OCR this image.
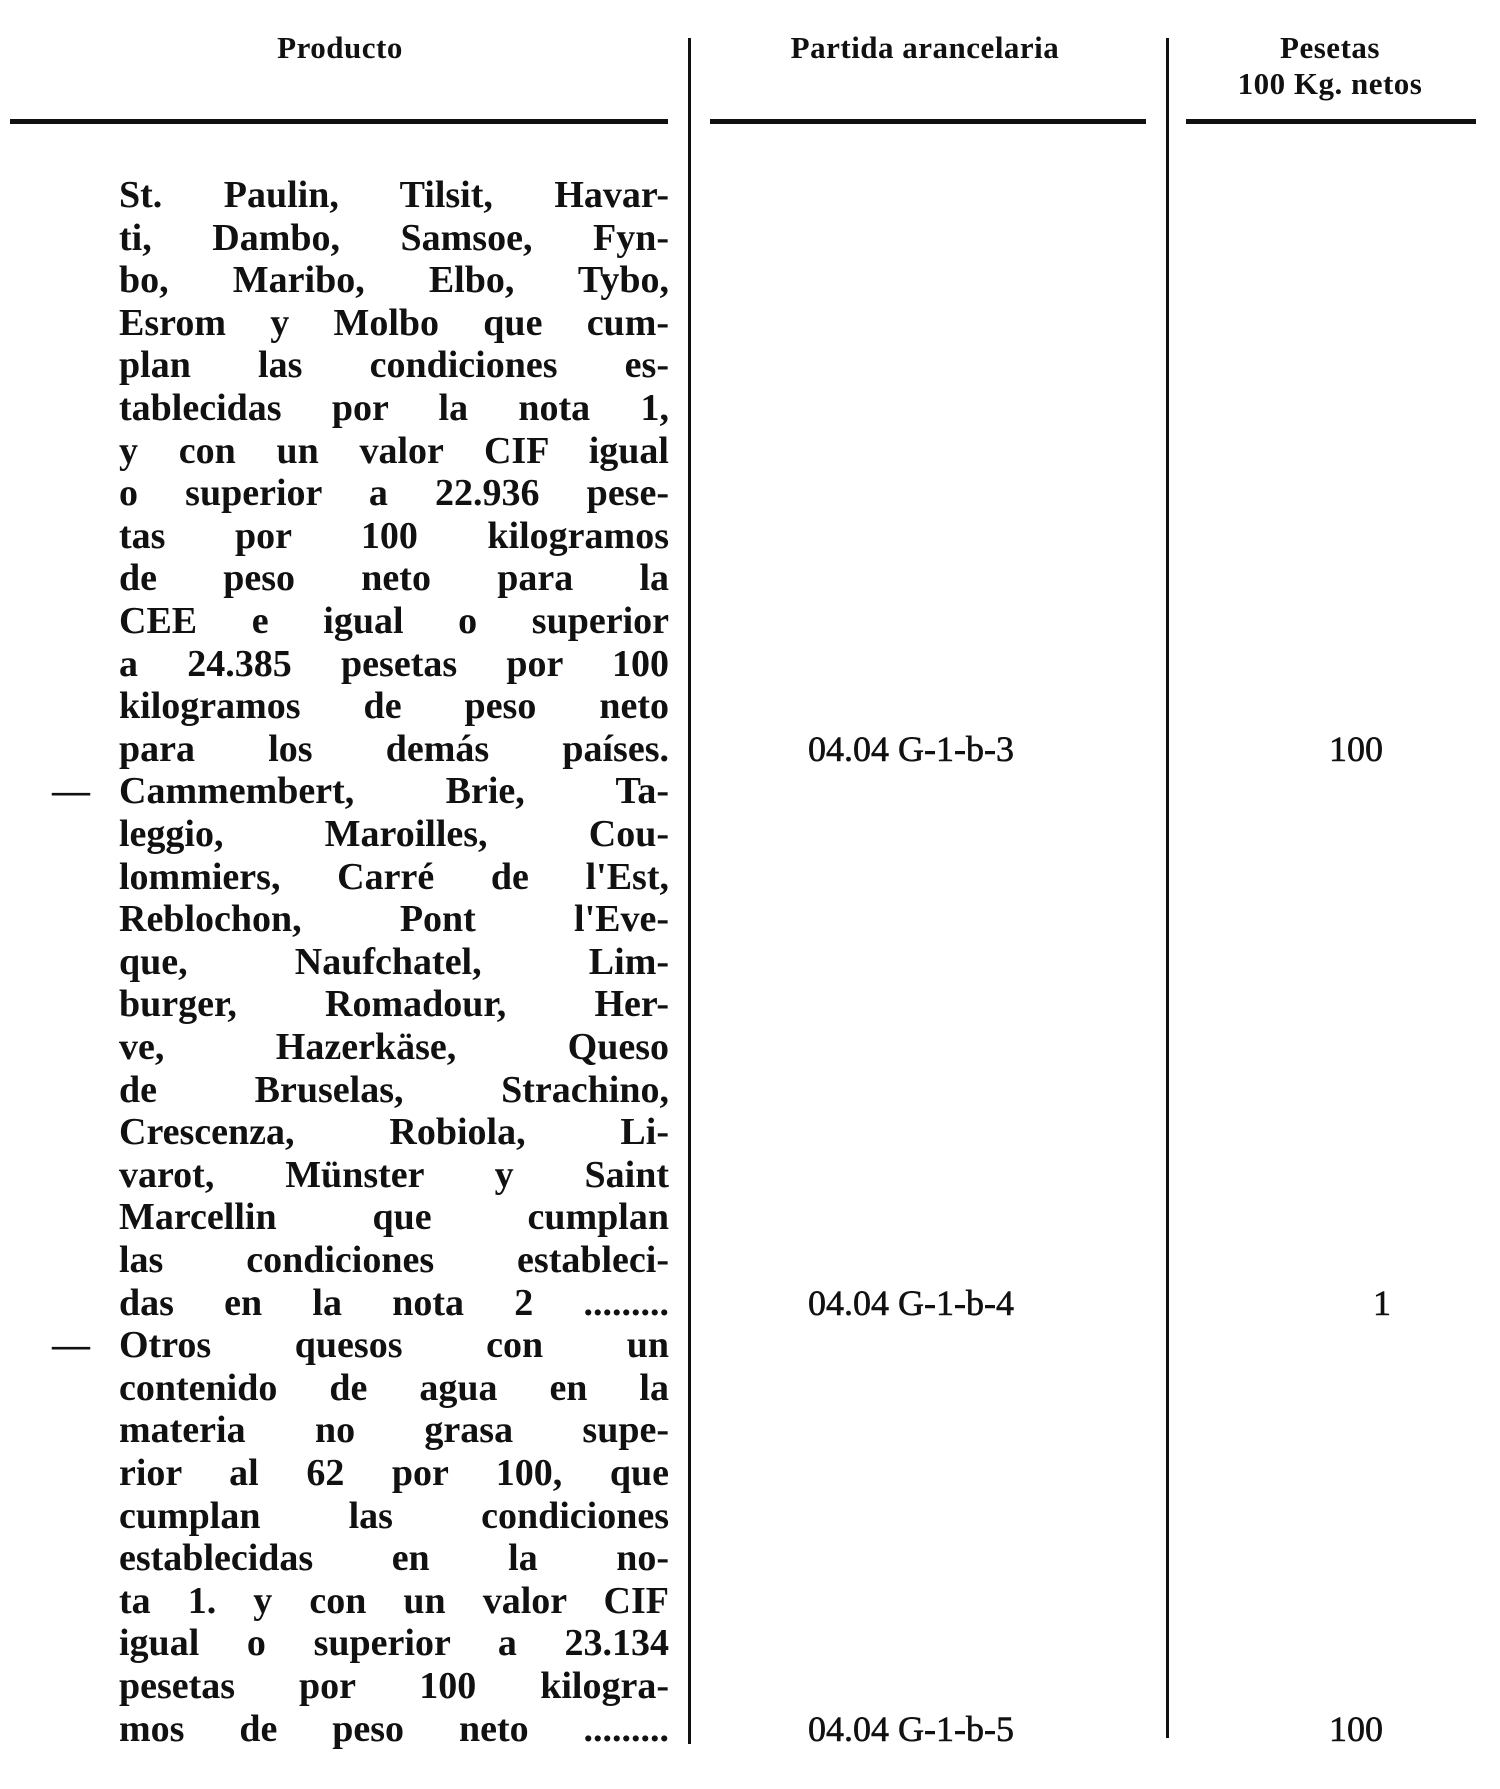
Producto	Partida arancelaria	Pesetas
100 Kg. netos
St. Paulin, Tilsit, Havar-
ti, Dambo, Samsoe, Fyn-
bo, Maribo, Elbo, Tybo,
Esrom y Molbo que cum-
plan las condiciones es-
tablecidas por la nota 1,
y con un valor CIF igual
o superior a 22.936 pese-
tas por 100 kilogramos
de peso neto para la
CEE e igual o superior
a 24.385 pesetas por 100
kilogramos de peso neto
para los demás países.	04.04 G-1-b-3	100
— Cammembert, Brie, Ta-
leggio, Maroilles, Cou-
lommiers, Carré de l'Est,
Reblochon, Pont l'Eve-
que, Naufchatel, Lim-
burger, Romadour, Her-
ve, Hazerkäse, Queso
de Bruselas, Strachino,
Crescenza, Robiola, Li-
varot, Münster y Saint
Marcellin que cumplan
las condiciones estableci-
das en la nota 2 .........	04.04 G-1-b-4	1
— Otros quesos con un
contenido de agua en la
materia no grasa supe-
rior al 62 por 100, que
cumplan las condiciones
establecidas en la no-
ta 1. y con un valor CIF
igual o superior a 23.134
pesetas por 100 kilogra-
mos de peso neto .........	04.04 G-1-b-5	100
